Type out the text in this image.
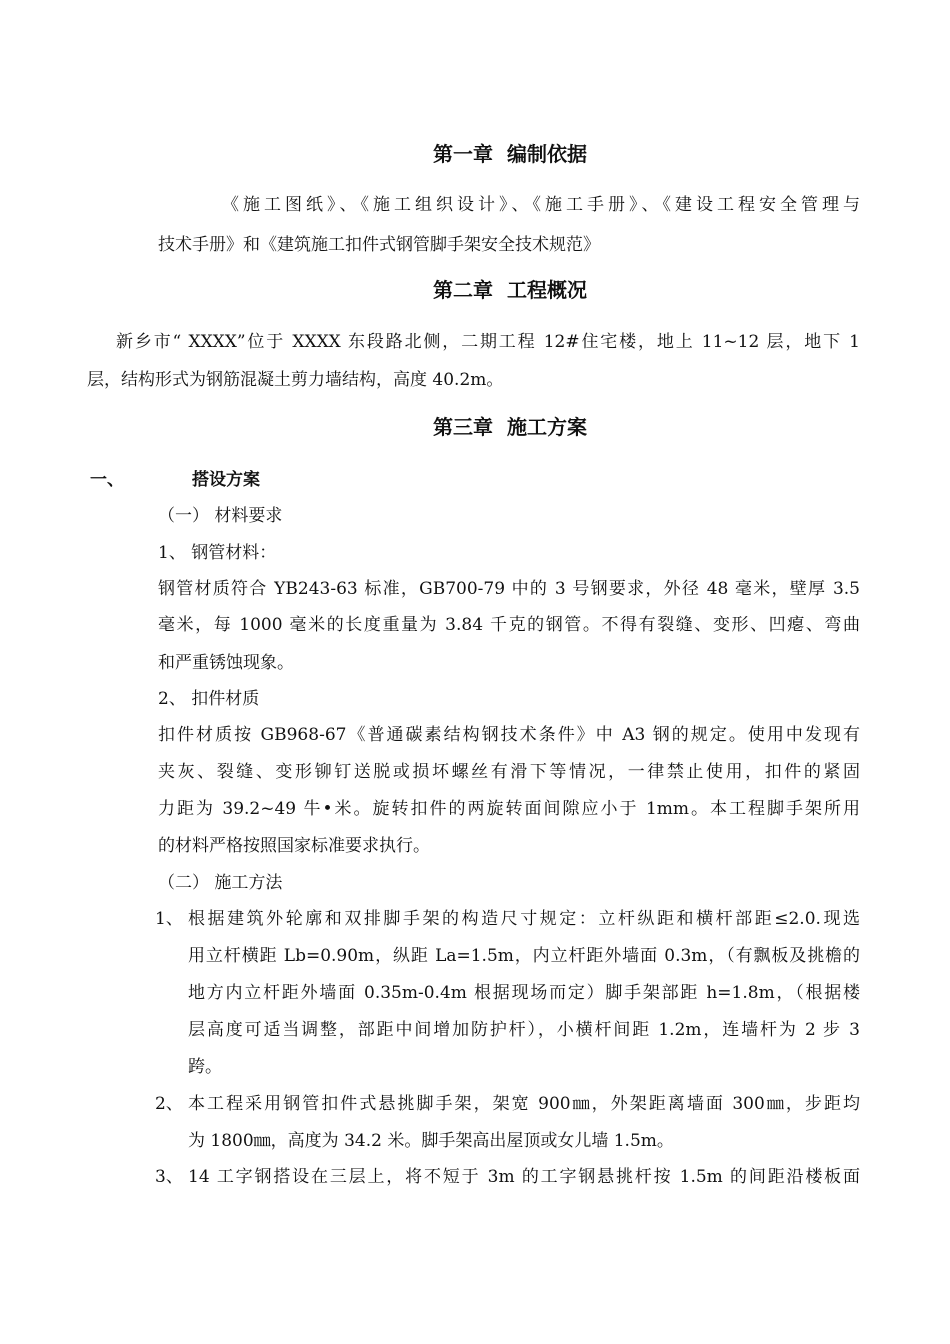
第一章 编制依据
《施工图纸》、《施工组织设计》、《施工手册》、《建设工程安全管理与
技术手册》和《建筑施工扣件式钢管脚手架安全技术规范》
第二章 工程概况
新乡市“ XXXX”位于 XXXX 东段路北侧，二期工程 12#住宅楼，地上 11~12 层，地下 1
层，结构形式为钢筋混凝土剪力墙结构，高度 40.2m。
第三章 施工方案
一、	搭设方案
（一） 材料要求
1、 钢管材料：
钢管材质符合 YB243-63 标准，GB700-79 中的 3 号钢要求，外径 48 毫米，壁厚 3.5
毫米，每 1000 毫米的长度重量为 3.84 千克的钢管。不得有裂缝、变形、凹瘪、弯曲
和严重锈蚀现象。
2、 扣件材质
扣件材质按 GB968-67《普通碳素结构钢技术条件》中 A3 钢的规定。使用中发现有
夹灰、裂缝、变形铆钉送脱或损坏螺丝有滑下等情况，一律禁止使用，扣件的紧固
力距为 39.2~49 牛•米。旋转扣件的两旋转面间隙应小于 1mm。本工程脚手架所用
的材料严格按照国家标准要求执行。
（二） 施工方法
1、 根据建筑外轮廓和双排脚手架的构造尺寸规定：立杆纵距和横杆部距≤2.0.现选
用立杆横距 Lb=0.90m，纵距 La=1.5m，内立杆距外墙面 0.3m，（有飘板及挑檐的
地方内立杆距外墙面 0.35m-0.4m 根据现场而定）脚手架部距 h=1.8m，（根据楼
层高度可适当调整，部距中间增加防护杆），小横杆间距 1.2m，连墙杆为 2 步 3
跨。
2、 本工程采用钢管扣件式悬挑脚手架，架宽 900㎜，外架距离墙面 300㎜，步距均
为 1800㎜，高度为 34.2 米。脚手架高出屋顶或女儿墙 1.5m。
3、 14 工字钢搭设在三层上，将不短于 3m 的工字钢悬挑杆按 1.5m 的间距沿楼板面
